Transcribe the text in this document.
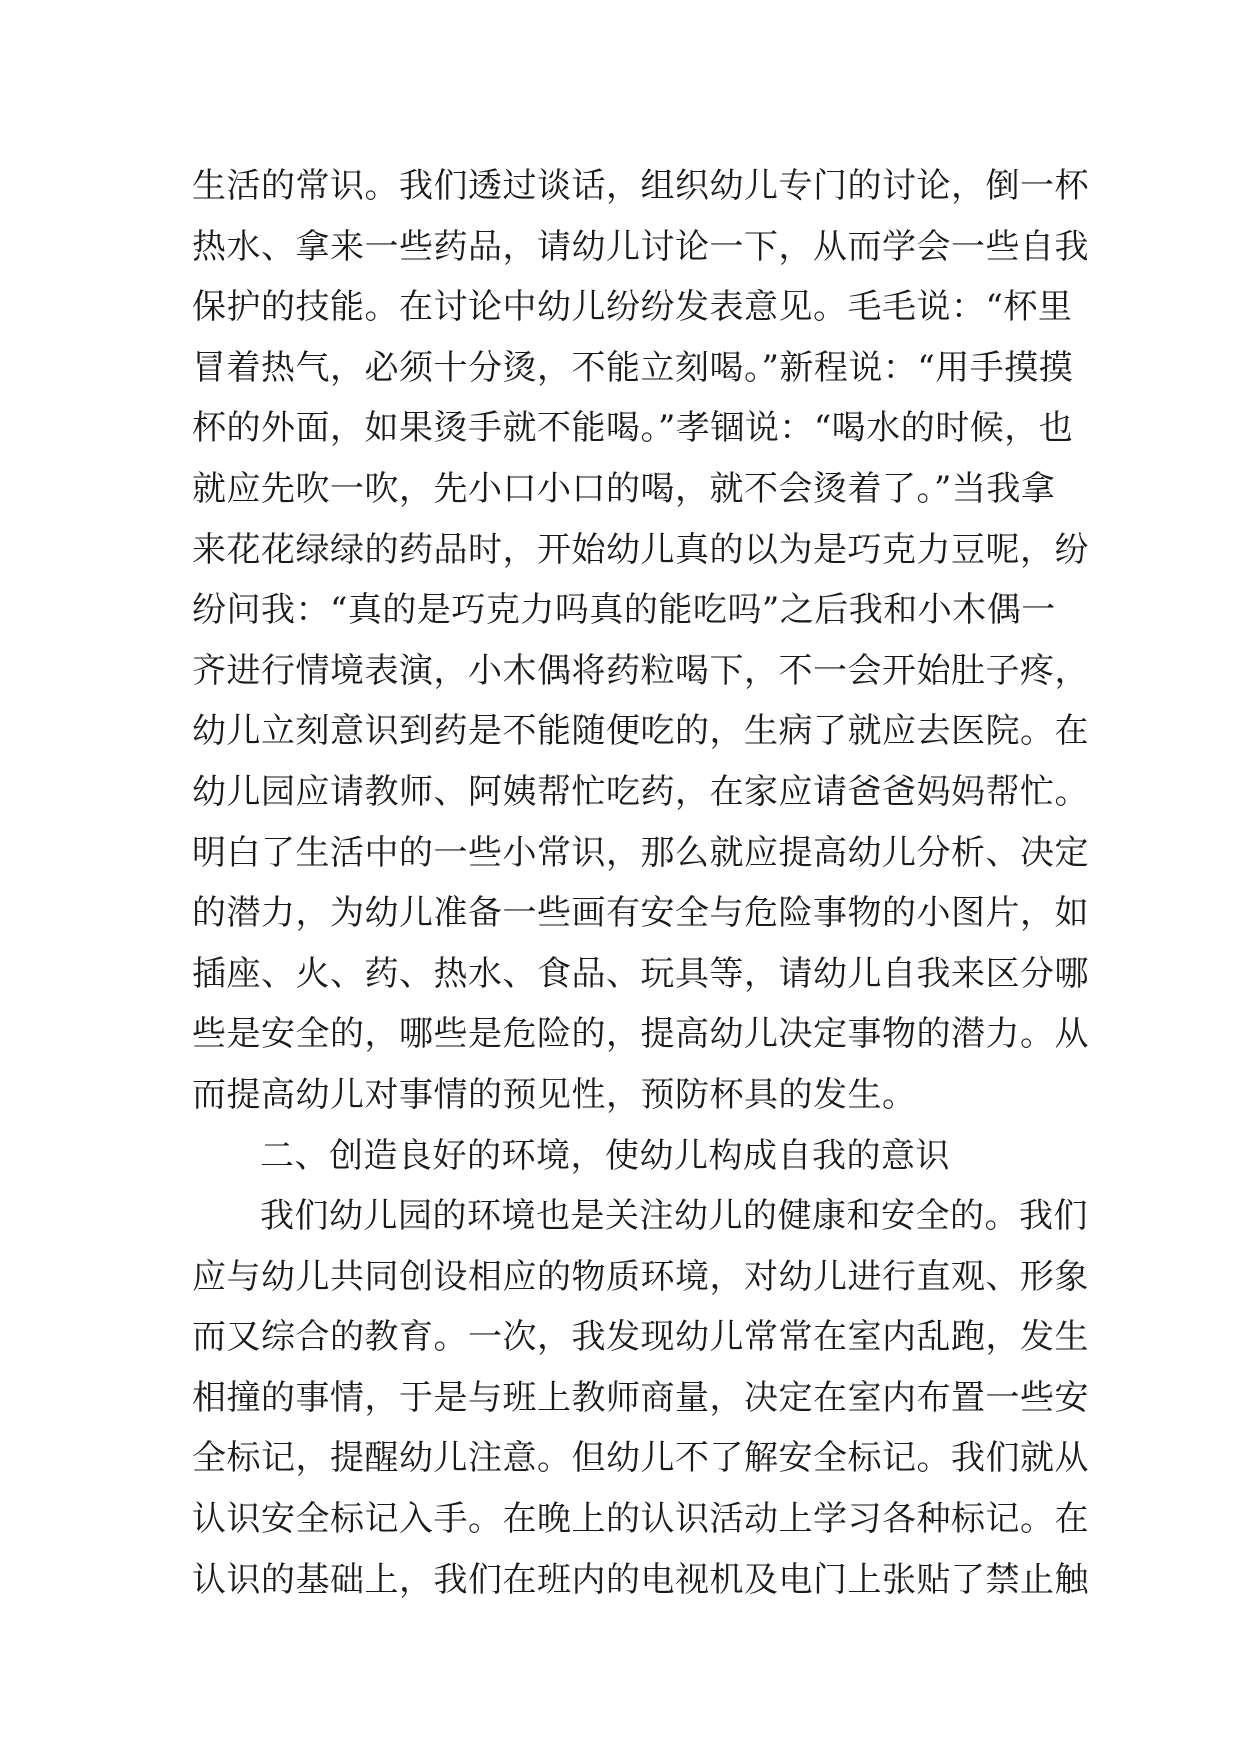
生活的常识。我们透过谈话，组织幼儿专门的讨论，倒一杯
热水、拿来一些药品，请幼儿讨论一下，从而学会一些自我
保护的技能。在讨论中幼儿纷纷发表意见。毛毛说：“杯里
冒着热气，必须十分烫，不能立刻喝。”新程说：“用手摸摸
杯的外面，如果烫手就不能喝。”孝锢说：“喝水的时候，也
就应先吹一吹，先小口小口的喝，就不会烫着了。”当我拿
来花花绿绿的药品时，开始幼儿真的以为是巧克力豆呢，纷
纷问我：“真的是巧克力吗真的能吃吗”之后我和小木偶一
齐进行情境表演，小木偶将药粒喝下，不一会开始肚子疼，
幼儿立刻意识到药是不能随便吃的，生病了就应去医院。在
幼儿园应请教师、阿姨帮忙吃药，在家应请爸爸妈妈帮忙。
明白了生活中的一些小常识，那么就应提高幼儿分析、决定
的潜力，为幼儿准备一些画有安全与危险事物的小图片，如
插座、火、药、热水、食品、玩具等，请幼儿自我来区分哪
些是安全的，哪些是危险的，提高幼儿决定事物的潜力。从
而提高幼儿对事情的预见性，预防杯具的发生。
二、创造良好的环境，使幼儿构成自我的意识
我们幼儿园的环境也是关注幼儿的健康和安全的。我们
应与幼儿共同创设相应的物质环境，对幼儿进行直观、形象
而又综合的教育。一次，我发现幼儿常常在室内乱跑，发生
相撞的事情，于是与班上教师商量，决定在室内布置一些安
全标记，提醒幼儿注意。但幼儿不了解安全标记。我们就从
认识安全标记入手。在晚上的认识活动上学习各种标记。在
认识的基础上，我们在班内的电视机及电门上张贴了禁止触
